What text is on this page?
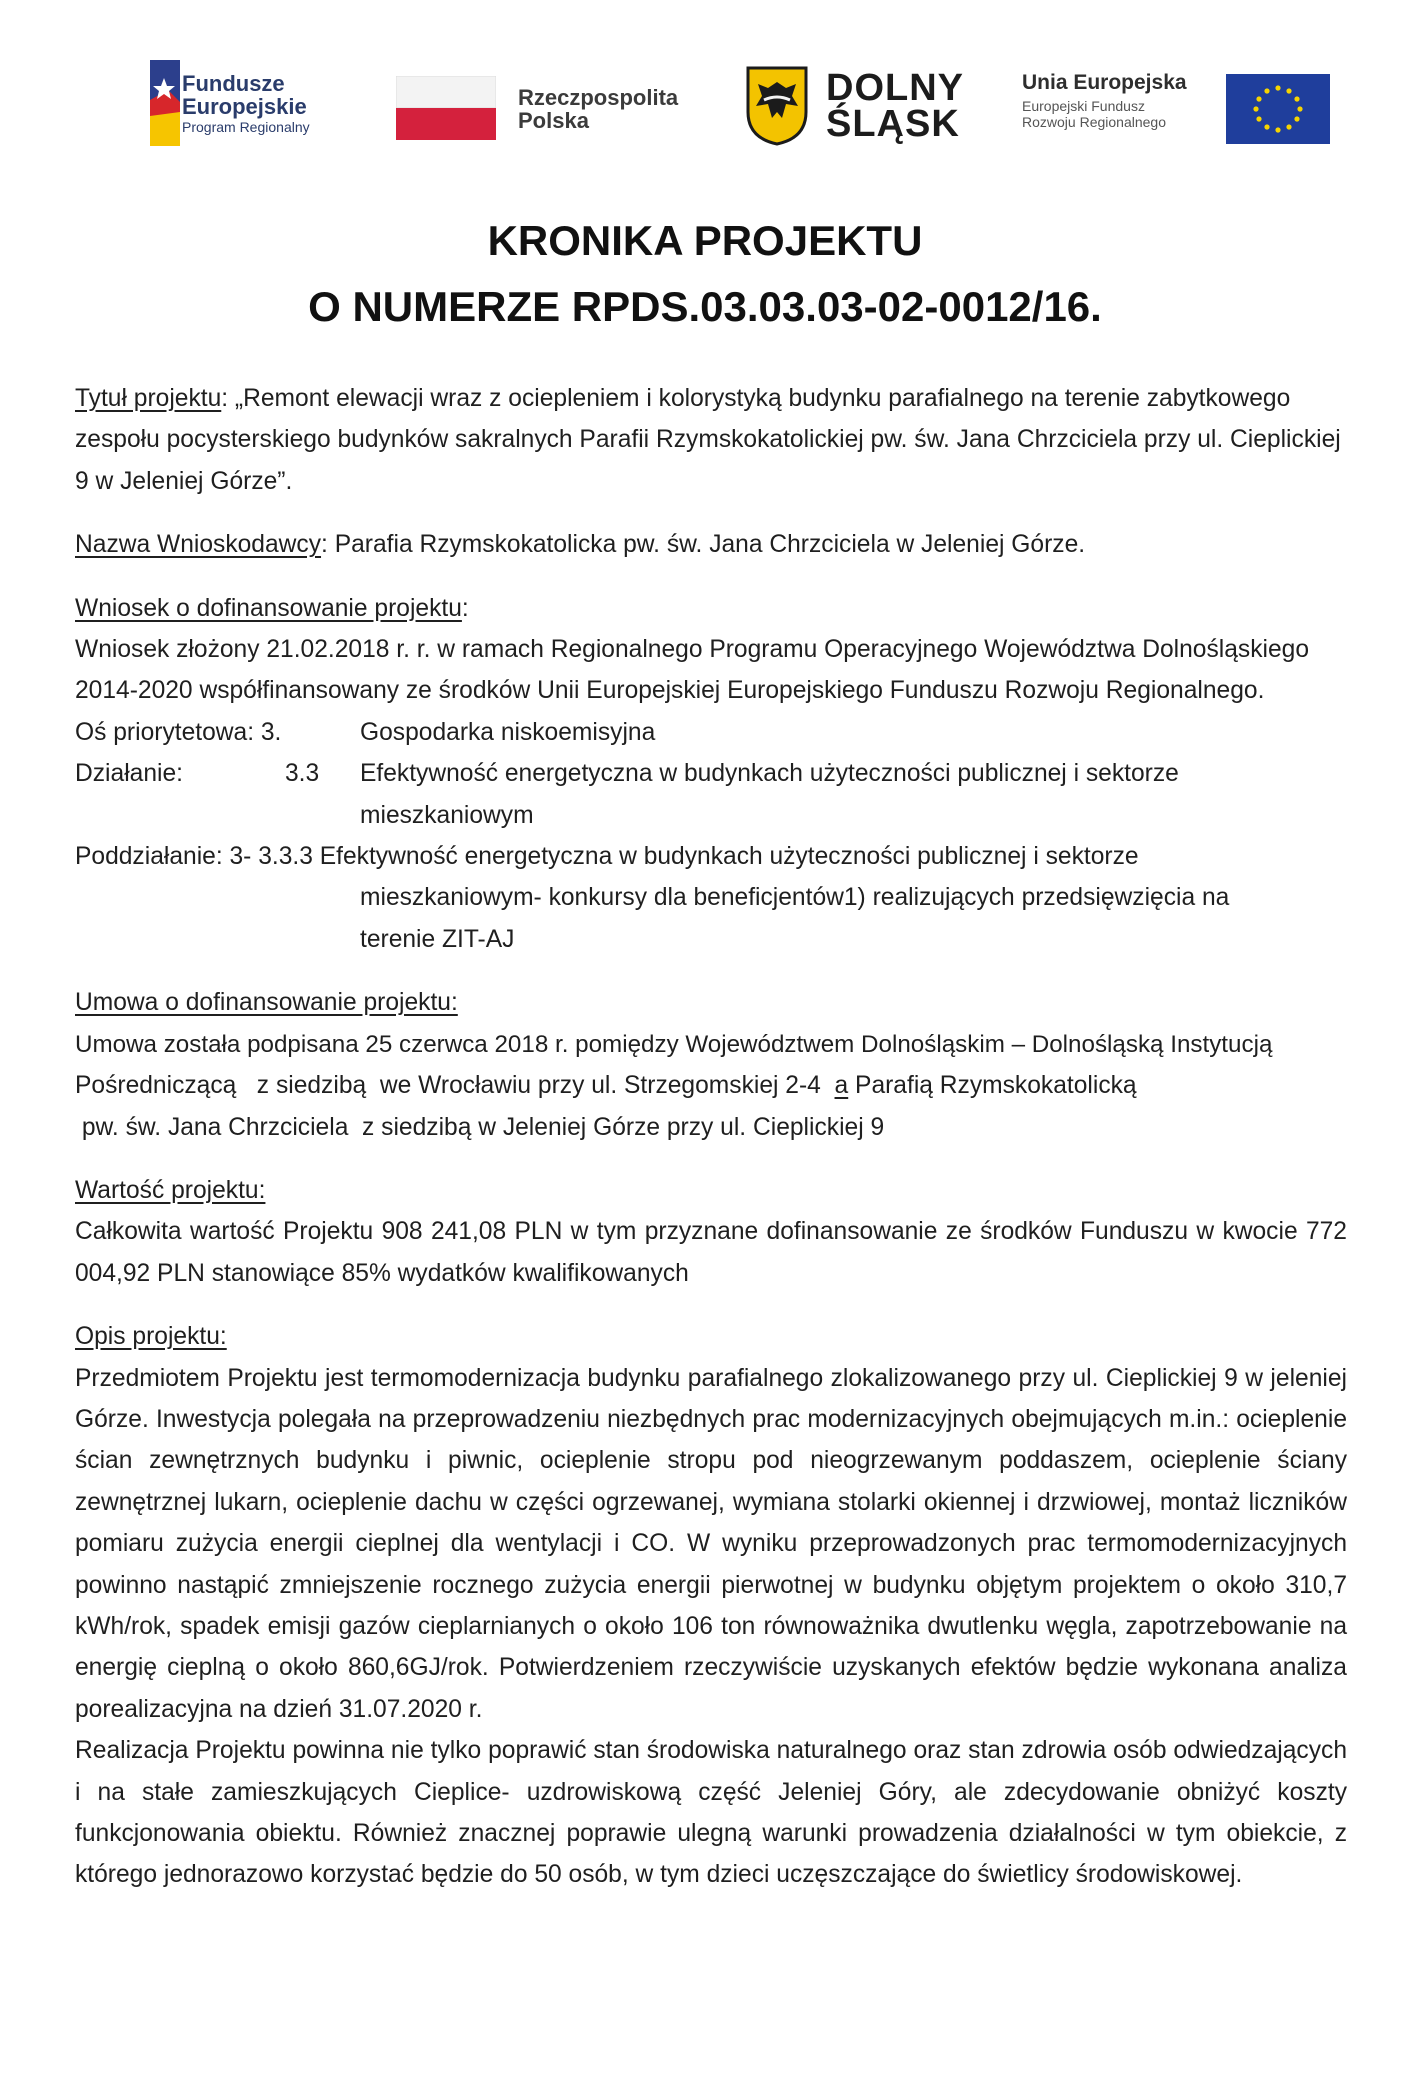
Fundusze
Europejskie
Program Regionalny
Rzeczpospolita
Polska
DOLNY
ŚLĄSK
Unia Europejska
Europejski Fundusz
Rozwoju Regionalnego
KRONIKA PROJEKTU
O NUMERZE RPDS.03.03.03-02-0012/16.
Tytuł projektu: „Remont elewacji wraz z ociepleniem i kolorystyką budynku parafialnego na terenie zabytkowego zespołu pocysterskiego budynków sakralnych Parafii Rzymskokatolickiej pw. św. Jana Chrzciciela przy ul. Cieplickiej 9 w Jeleniej Górze”.
Nazwa Wnioskodawcy: Parafia Rzymskokatolicka pw. św. Jana Chrzciciela w Jeleniej Górze.
Wniosek o dofinansowanie projektu:
Wniosek złożony 21.02.2018 r. r. w ramach Regionalnego Programu Operacyjnego Województwa Dolnośląskiego 2014-2020 współfinansowany ze środków Unii Europejskiej Europejskiego Funduszu Rozwoju Regionalnego.
Oś priorytetowa: 3.	Gospodarka niskoemisyjna
Działanie:	3.3	Efektywność energetyczna w budynkach użyteczności publicznej i sektorze
mieszkaniowym
Poddziałanie: 3- 3.3.3 Efektywność energetyczna w budynkach użyteczności publicznej i sektorze
mieszkaniowym- konkursy dla beneficjentów1) realizujących przedsięwzięcia na
terenie ZIT-AJ
Umowa o dofinansowanie projektu:
Umowa została podpisana 25 czerwca 2018 r. pomiędzy Województwem Dolnośląskim – Dolnośląską Instytucją
Pośredniczącą   z siedzibą  we Wrocławiu przy ul. Strzegomskiej 2-4  a Parafią Rzymskokatolicką
pw. św. Jana Chrzciciela  z siedzibą w Jeleniej Górze przy ul. Cieplickiej 9
Wartość projektu:
Całkowita wartość Projektu 908 241,08 PLN w tym przyznane dofinansowanie ze środków Funduszu w kwocie 772 004,92 PLN stanowiące 85% wydatków kwalifikowanych
Opis projektu:
Przedmiotem Projektu jest termomodernizacja budynku parafialnego zlokalizowanego przy ul. Cieplickiej 9 w jeleniej Górze. Inwestycja polegała na przeprowadzeniu niezbędnych prac modernizacyjnych obejmujących m.in.: ocieplenie ścian zewnętrznych budynku i piwnic, ocieplenie stropu pod nieogrzewanym poddaszem, ocieplenie ściany zewnętrznej lukarn, ocieplenie dachu w części ogrzewanej, wymiana stolarki okiennej i drzwiowej, montaż liczników pomiaru zużycia energii cieplnej dla wentylacji i CO. W wyniku przeprowadzonych prac termomodernizacyjnych powinno nastąpić zmniejszenie rocznego zużycia energii pierwotnej w budynku objętym projektem o około 310,7 kWh/rok, spadek emisji gazów cieplarnianych o około 106 ton równoważnika dwutlenku węgla, zapotrzebowanie na energię cieplną o około 860,6GJ/rok. Potwierdzeniem rzeczywiście uzyskanych efektów będzie wykonana analiza porealizacyjna na dzień 31.07.2020 r.
Realizacja Projektu powinna nie tylko poprawić stan środowiska naturalnego oraz stan zdrowia osób odwiedzających i na stałe zamieszkujących Cieplice- uzdrowiskową część Jeleniej Góry, ale zdecydowanie obniżyć koszty funkcjonowania obiektu. Również znacznej poprawie ulegną warunki prowadzenia działalności w tym obiekcie, z którego jednorazowo korzystać będzie do 50 osób, w tym dzieci uczęszczające do świetlicy środowiskowej.
